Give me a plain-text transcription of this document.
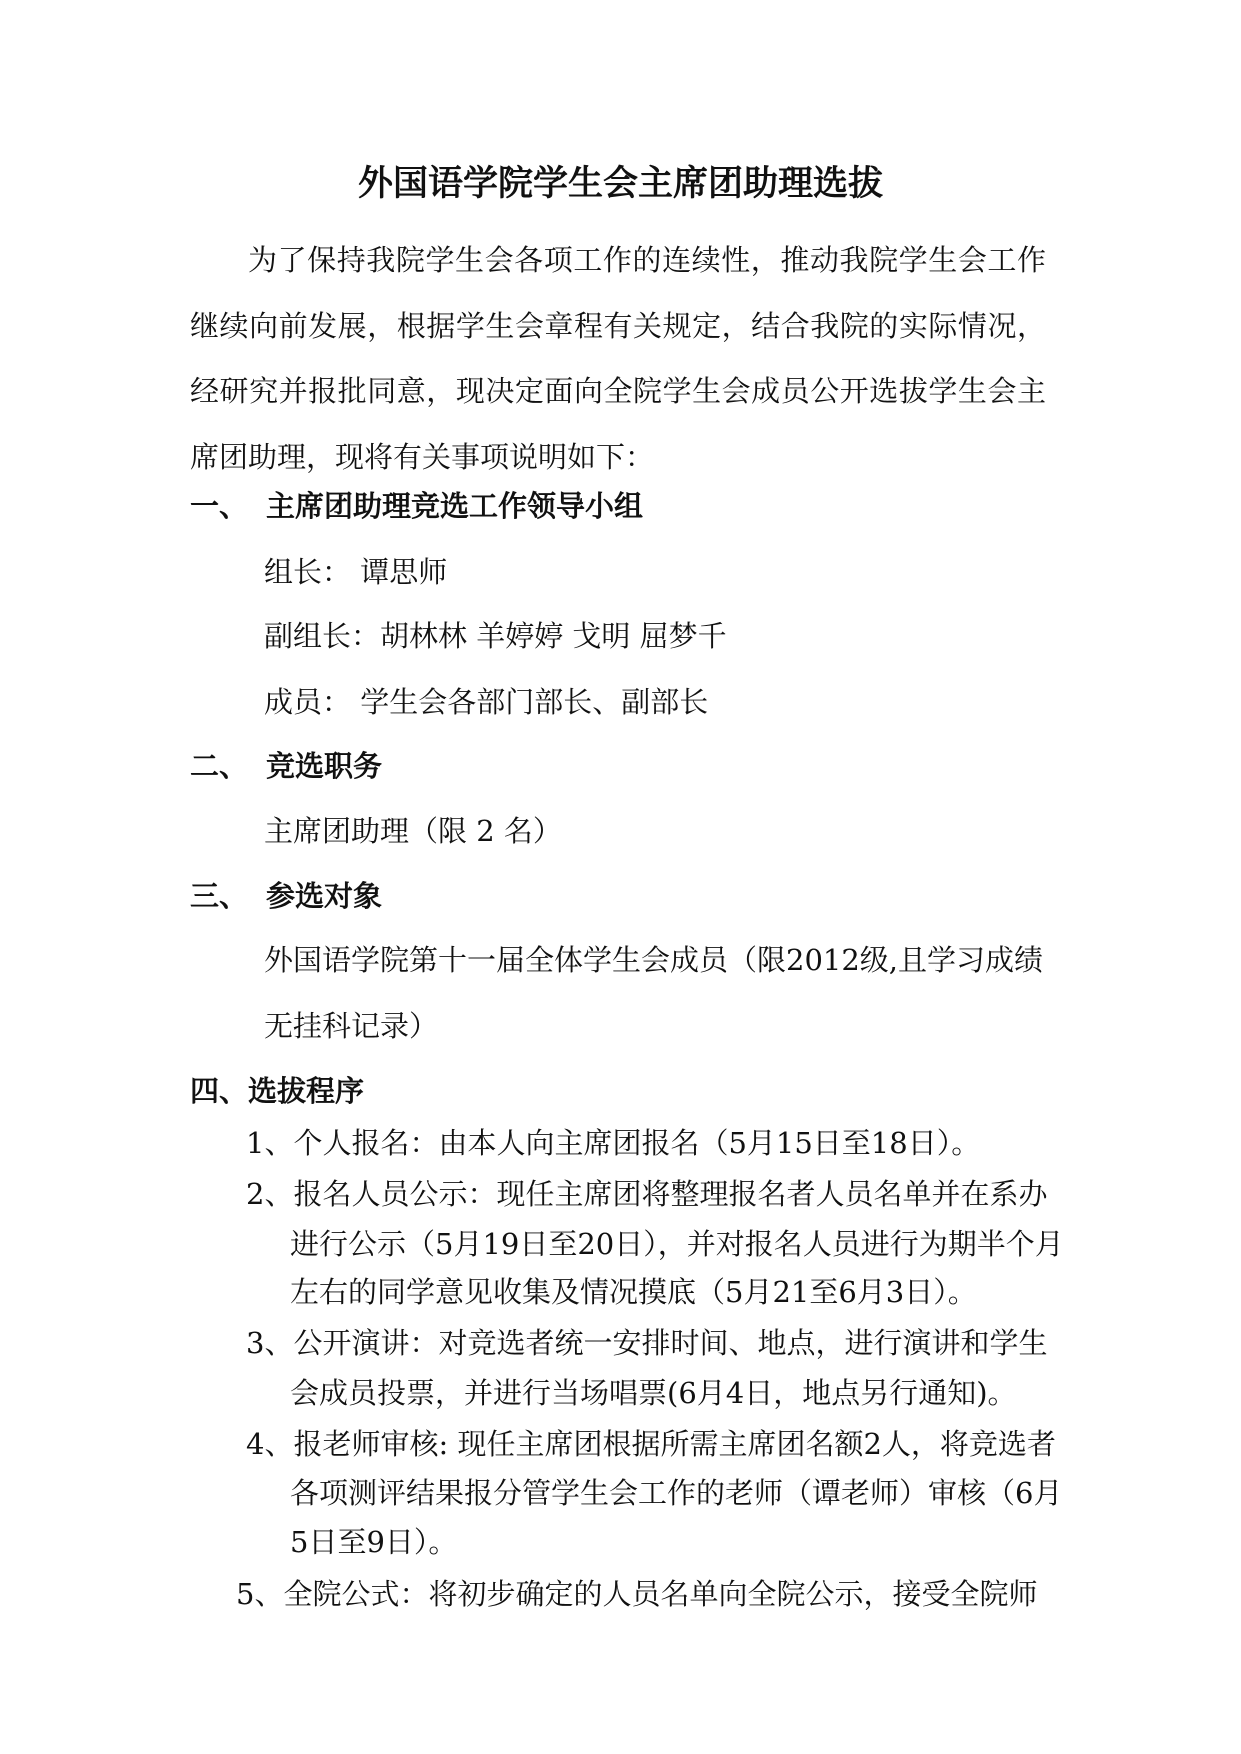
外国语学院学生会主席团助理选拔
为了保持我院学生会各项工作的连续性，推动我院学生会工作继续向前发展，根据学生会章程有关规定，结合我院的实际情况，经研究并报批同意，现决定面向全院学生会成员公开选拔学生会主席团助理，现将有关事项说明如下：
一、 主席团助理竞选工作领导小组
组长： 谭思师
副组长：胡林林 羊婷婷 戈明 屈梦千
成员： 学生会各部门部长、副部长
二、 竞选职务
主席团助理（限 2 名）
三、 参选对象
外国语学院第十一届全体学生会成员（限2012级,且学习成绩
无挂科记录）
四、选拔程序
1、个人报名：由本人向主席团报名（5月15日至18日）。
2、报名人员公示：现任主席团将整理报名者人员名单并在系办
进行公示（5月19日至20日），并对报名人员进行为期半个月
左右的同学意见收集及情况摸底（5月21至6月3日）。
3、公开演讲：对竞选者统一安排时间、地点，进行演讲和学生
会成员投票，并进行当场唱票(6月4日，地点另行通知)。
4、报老师审核: 现任主席团根据所需主席团名额2人，将竞选者
各项测评结果报分管学生会工作的老师（谭老师）审核（6月
5日至9日）。
5、全院公式：将初步确定的人员名单向全院公示，接受全院师
